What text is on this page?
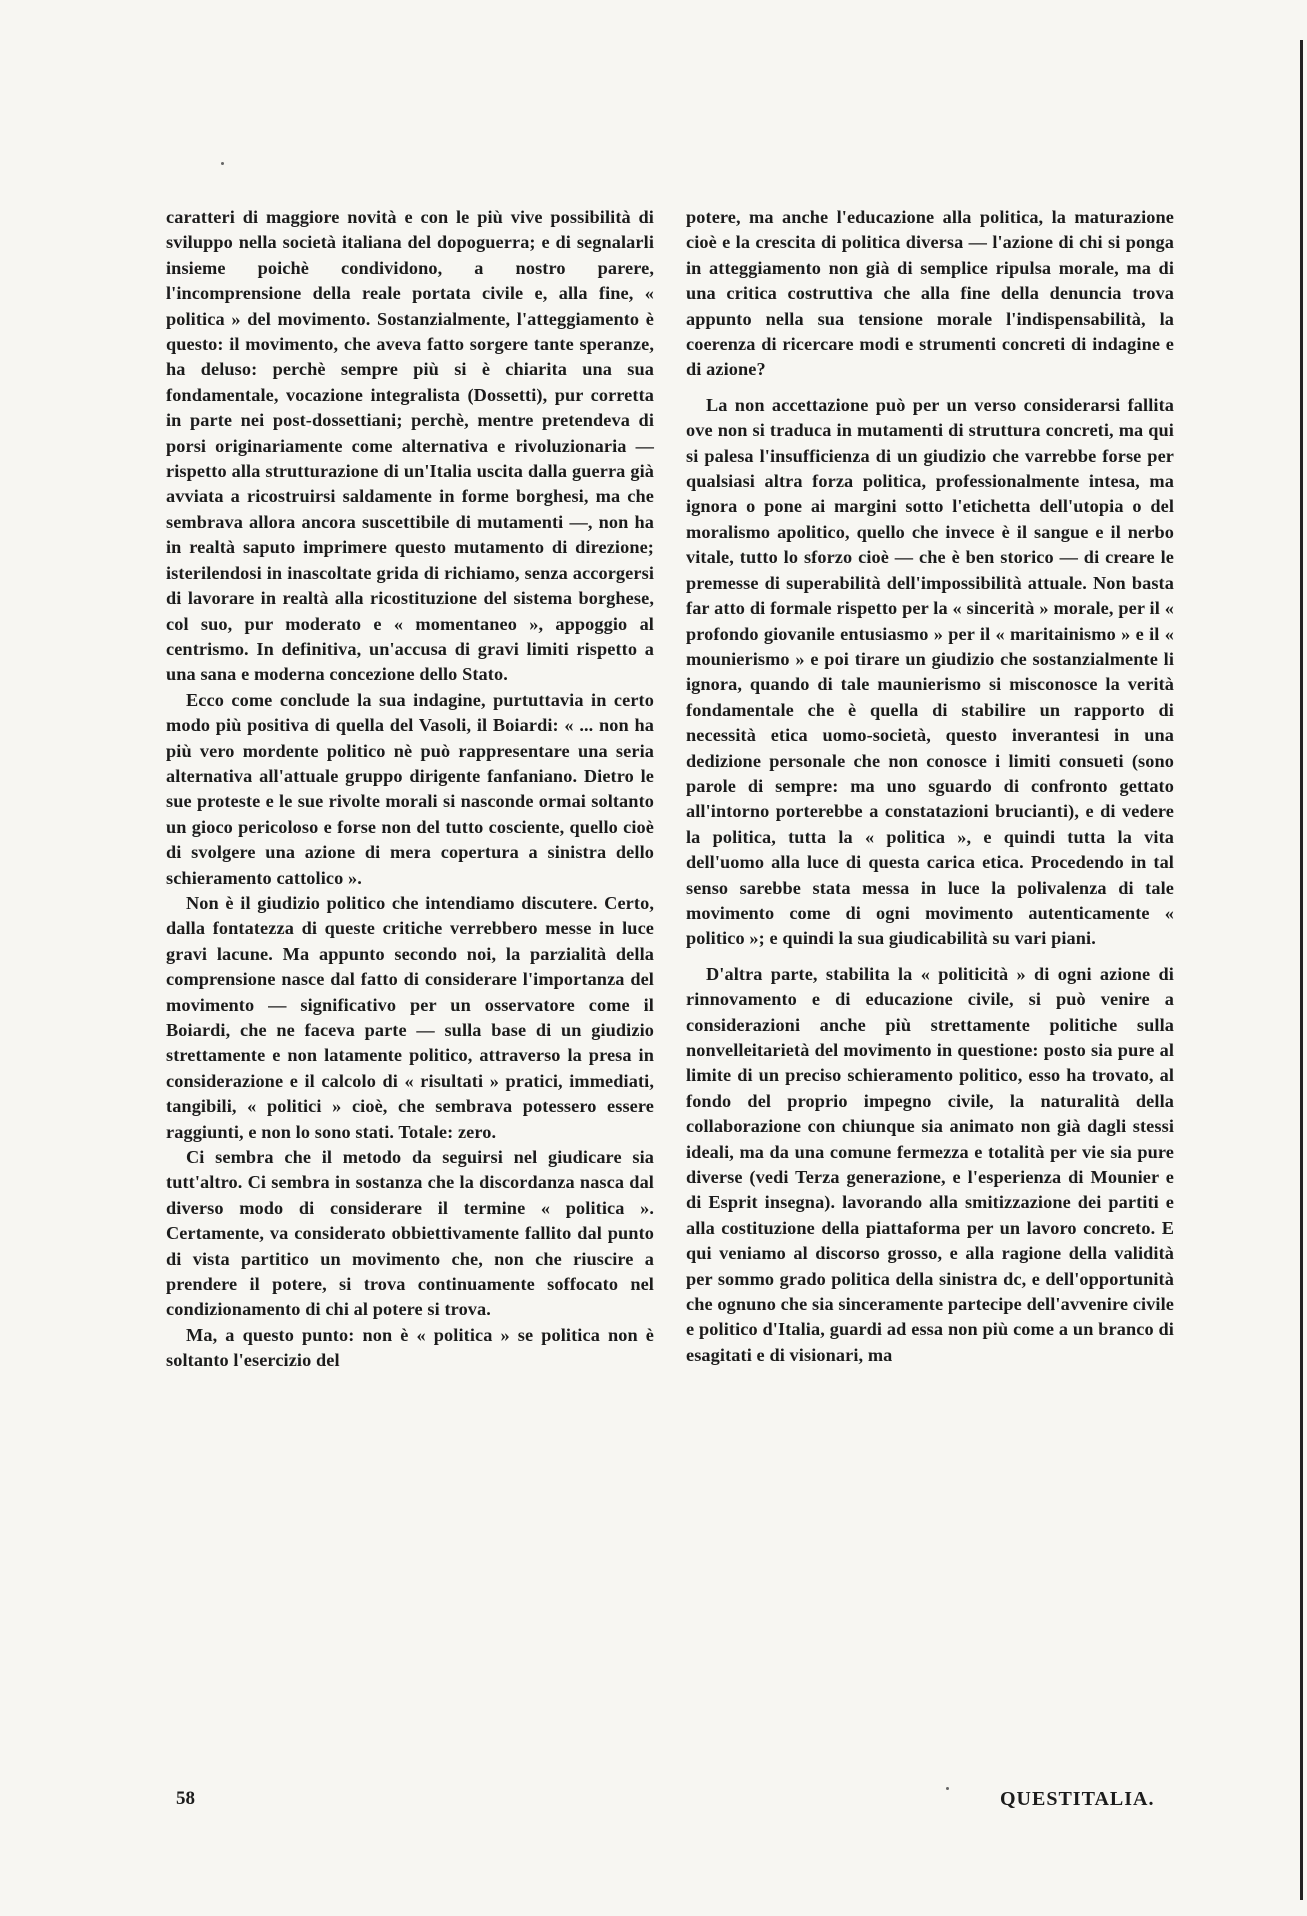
caratteri di maggiore novità e con le più vive possibilità di sviluppo nella società italiana del dopoguerra; e di segnalarli insieme poichè condividono, a nostro parere, l'incomprensione della reale portata civile e, alla fine, « politica » del movimento. Sostanzialmente, l'atteggiamento è questo: il movimento, che aveva fatto sorgere tante speranze, ha deluso: perchè sempre più si è chiarita una sua fondamentale, vocazione integralista (Dossetti), pur corretta in parte nei post-dossettiani; perchè, mentre pretendeva di porsi originariamente come alternativa e rivoluzionaria — rispetto alla strutturazione di un'Italia uscita dalla guerra già avviata a ricostruirsi saldamente in forme borghesi, ma che sembrava allora ancora suscettibile di mutamenti —, non ha in realtà saputo imprimere questo mutamento di direzione; isterilendosi in inascoltate grida di richiamo, senza accorgersi di lavorare in realtà alla ricostituzione del sistema borghese, col suo, pur moderato e « momentaneo », appoggio al centrismo. In definitiva, un'accusa di gravi limiti rispetto a una sana e moderna concezione dello Stato.

Ecco come conclude la sua indagine, purtuttavia in certo modo più positiva di quella del Vasoli, il Boiardi: « ... non ha più vero mordente politico nè può rappresentare una seria alternativa all'attuale gruppo dirigente fanfaniano. Dietro le sue proteste e le sue rivolte morali si nasconde ormai soltanto un gioco pericoloso e forse non del tutto cosciente, quello cioè di svolgere una azione di mera copertura a sinistra dello schieramento cattolico ».

Non è il giudizio politico che intendiamo discutere. Certo, dalla fontatezza di queste critiche verrebbero messe in luce gravi lacune. Ma appunto secondo noi, la parzialità della comprensione nasce dal fatto di considerare l'importanza del movimento — significativo per un osservatore come il Boiardi, che ne faceva parte — sulla base di un giudizio strettamente e non latamente politico, attraverso la presa in considerazione e il calcolo di « risultati » pratici, immediati, tangibili, « politici » cioè, che sembrava potessero essere raggiunti, e non lo sono stati. Totale: zero.

Ci sembra che il metodo da seguirsi nel giudicare sia tutt'altro. Ci sembra in sostanza che la discordanza nasca dal diverso modo di considerare il termine « politica ». Certamente, va considerato obbiettivamente fallito dal punto di vista partitico un movimento che, non che riuscire a prendere il potere, si trova continuamente soffocato nel condizionamento di chi al potere si trova.

Ma, a questo punto: non è « politica » se politica non è soltanto l'esercizio del

potere, ma anche l'educazione alla politica, la maturazione cioè e la crescita di politica diversa — l'azione di chi si ponga in atteggiamento non già di semplice ripulsa morale, ma di una critica costruttiva che alla fine della denuncia trova appunto nella sua tensione morale l'indispensabilità, la coerenza di ricercare modi e strumenti concreti di indagine e di azione?

La non accettazione può per un verso considerarsi fallita ove non si traduca in mutamenti di struttura concreti, ma qui si palesa l'insufficienza di un giudizio che varrebbe forse per qualsiasi altra forza politica, professionalmente intesa, ma ignora o pone ai margini sotto l'etichetta dell'utopia o del moralismo apolitico, quello che invece è il sangue e il nerbo vitale, tutto lo sforzo cioè — che è ben storico — di creare le premesse di superabilità dell'impossibilità attuale. Non basta far atto di formale rispetto per la « sincerità » morale, per il « profondo giovanile entusiasmo » per il « maritainismo » e il « mounierismo » e poi tirare un giudizio che sostanzialmente li ignora, quando di tale maunierismo si misconosce la verità fondamentale che è quella di stabilire un rapporto di necessità etica uomo-società, questo inverantesi in una dedizione personale che non conosce i limiti consueti (sono parole di sempre: ma uno sguardo di confronto gettato all'intorno porterebbe a constatazioni brucianti), e di vedere la politica, tutta la « politica », e quindi tutta la vita dell'uomo alla luce di questa carica etica. Procedendo in tal senso sarebbe stata messa in luce la polivalenza di tale movimento come di ogni movimento autenticamente « politico »; e quindi la sua giudicabilità su vari piani.

D'altra parte, stabilita la « politicità » di ogni azione di rinnovamento e di educazione civile, si può venire a considerazioni anche più strettamente politiche sulla nonvelleitarietà del movimento in questione: posto sia pure al limite di un preciso schieramento politico, esso ha trovato, al fondo del proprio impegno civile, la naturalità della collaborazione con chiunque sia animato non già dagli stessi ideali, ma da una comune fermezza e totalità per vie sia pure diverse (vedi Terza generazione, e l'esperienza di Mounier e di Esprit insegna). lavorando alla smitizzazione dei partiti e alla costituzione della piattaforma per un lavoro concreto. E qui veniamo al discorso grosso, e alla ragione della validità per sommo grado politica della sinistra dc, e dell'opportunità che ognuno che sia sinceramente partecipe dell'avvenire civile e politico d'Italia, guardi ad essa non più come a un branco di esagitati e di visionari, ma

58	QUESTITALIA.
